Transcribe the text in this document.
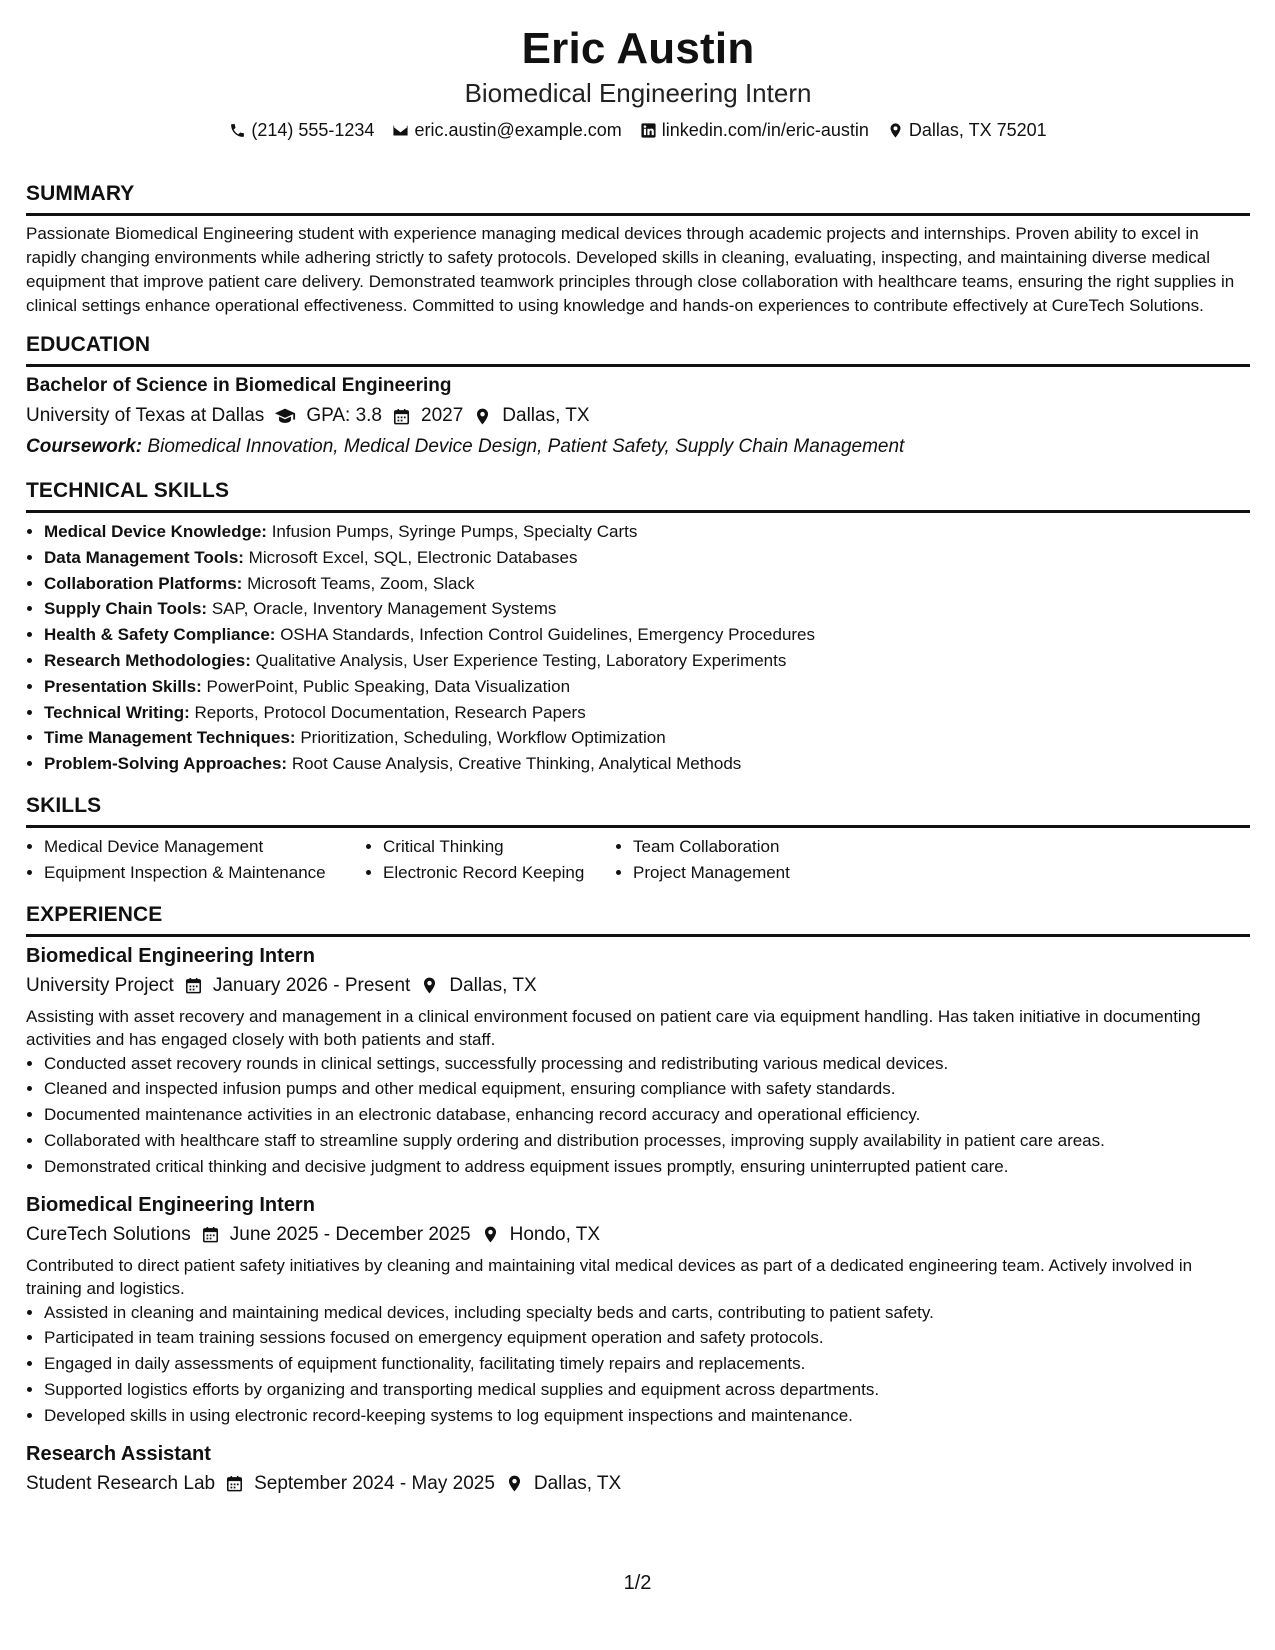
Eric Austin
Biomedical Engineering Intern
(214) 555-1234 eric.austin@example.com linkedin.com/in/eric-austin Dallas, TX 75201
SUMMARY
Passionate Biomedical Engineering student with experience managing medical devices through academic projects and internships. Proven ability to excel in rapidly changing environments while adhering strictly to safety protocols. Developed skills in cleaning, evaluating, inspecting, and maintaining diverse medical equipment that improve patient care delivery. Demonstrated teamwork principles through close collaboration with healthcare teams, ensuring the right supplies in clinical settings enhance operational effectiveness. Committed to using knowledge and hands-on experiences to contribute effectively at CureTech Solutions.
EDUCATION
Bachelor of Science in Biomedical Engineering
University of Texas at Dallas GPA: 3.8 2027 Dallas, TX
Coursework: Biomedical Innovation, Medical Device Design, Patient Safety, Supply Chain Management
TECHNICAL SKILLS
• Medical Device Knowledge: Infusion Pumps, Syringe Pumps, Specialty Carts
• Data Management Tools: Microsoft Excel, SQL, Electronic Databases
• Collaboration Platforms: Microsoft Teams, Zoom, Slack
• Supply Chain Tools: SAP, Oracle, Inventory Management Systems
• Health & Safety Compliance: OSHA Standards, Infection Control Guidelines, Emergency Procedures
• Research Methodologies: Qualitative Analysis, User Experience Testing, Laboratory Experiments
• Presentation Skills: PowerPoint, Public Speaking, Data Visualization
• Technical Writing: Reports, Protocol Documentation, Research Papers
• Time Management Techniques: Prioritization, Scheduling, Workflow Optimization
• Problem-Solving Approaches: Root Cause Analysis, Creative Thinking, Analytical Methods
SKILLS
• Medical Device Management
• Equipment Inspection & Maintenance
• Critical Thinking
• Electronic Record Keeping
• Team Collaboration
• Project Management
EXPERIENCE
Biomedical Engineering Intern
University Project January 2026 - Present Dallas, TX
Assisting with asset recovery and management in a clinical environment focused on patient care via equipment handling. Has taken initiative in documenting activities and has engaged closely with both patients and staff.
• Conducted asset recovery rounds in clinical settings, successfully processing and redistributing various medical devices.
• Cleaned and inspected infusion pumps and other medical equipment, ensuring compliance with safety standards.
• Documented maintenance activities in an electronic database, enhancing record accuracy and operational efficiency.
• Collaborated with healthcare staff to streamline supply ordering and distribution processes, improving supply availability in patient care areas.
• Demonstrated critical thinking and decisive judgment to address equipment issues promptly, ensuring uninterrupted patient care.
Biomedical Engineering Intern
CureTech Solutions June 2025 - December 2025 Hondo, TX
Contributed to direct patient safety initiatives by cleaning and maintaining vital medical devices as part of a dedicated engineering team. Actively involved in training and logistics.
• Assisted in cleaning and maintaining medical devices, including specialty beds and carts, contributing to patient safety.
• Participated in team training sessions focused on emergency equipment operation and safety protocols.
• Engaged in daily assessments of equipment functionality, facilitating timely repairs and replacements.
• Supported logistics efforts by organizing and transporting medical supplies and equipment across departments.
• Developed skills in using electronic record-keeping systems to log equipment inspections and maintenance.
Research Assistant
Student Research Lab September 2024 - May 2025 Dallas, TX
1/2
